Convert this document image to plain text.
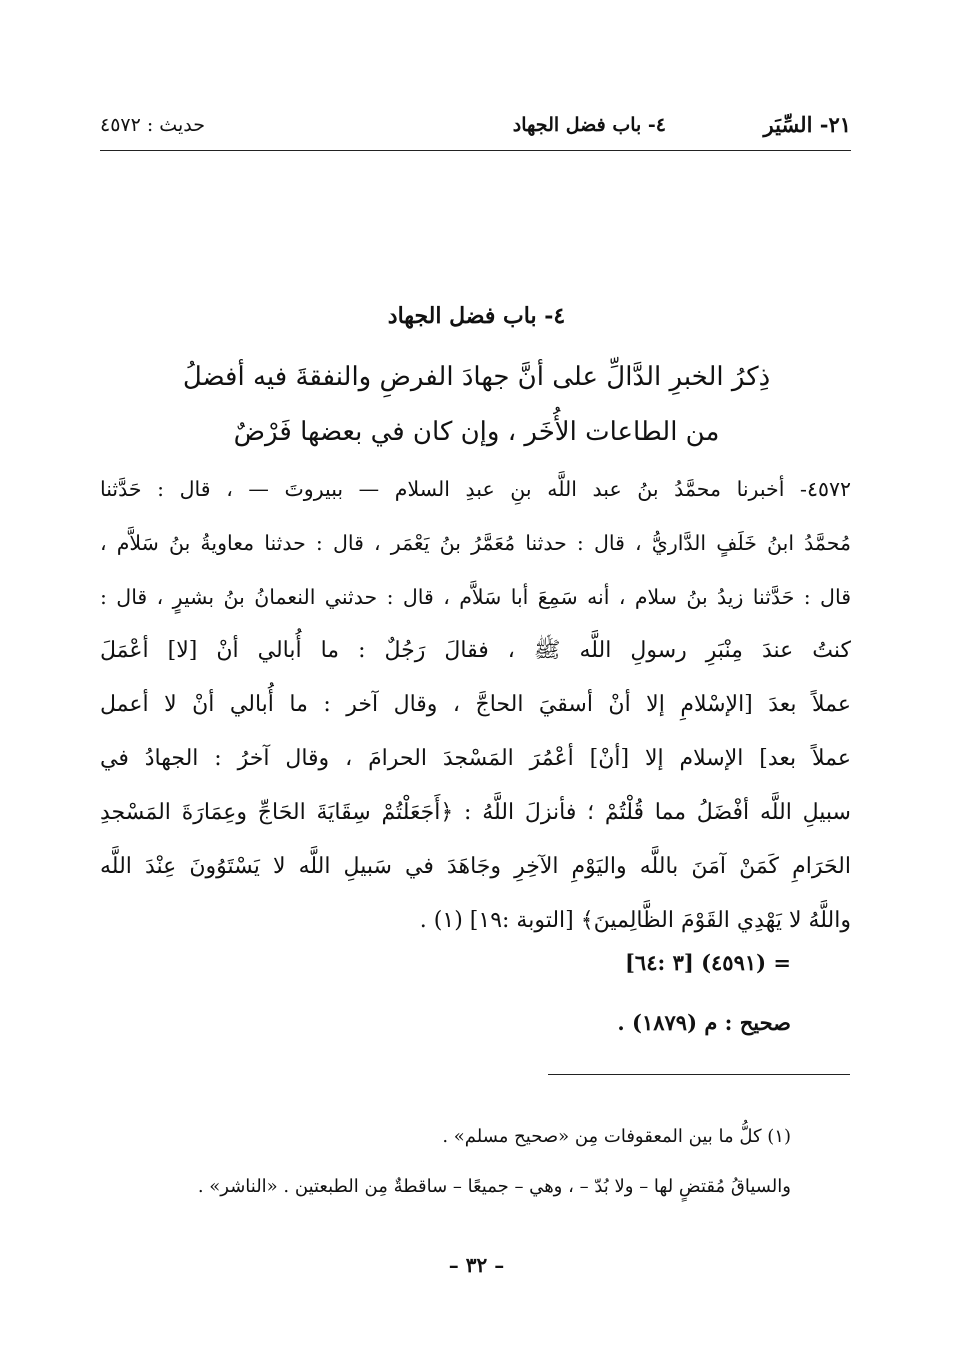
٢١- السِّيَر
٤- باب فضل الجهاد
حديث : ٤٥٧٢
٤- باب فضل الجهاد

ذِكرُ الخبرِ الدَّالِّ على أنَّ جهادَ الفرضِ والنفقةَ فيه أفضلُ

من الطاعات الأُخَر ، وإن كان في بعضها فَرْضٌ

٤٥٧٢- أخبرنا محمَّدُ بنُ عبد اللَّه بنِ عبدِ السلام — ببيروتَ — ، قال : حَدَّثنا
مُحمَّدُ ابنُ خَلَفٍ الدَّاريُّ ، قال : حدثنا مُعَمَّرُ بنُ يَعْمَر ، قال : حدثنا معاويةُ بنُ سَلاَّم ،
قال : حَدَّثنا زيدُ بنُ سلام ، أنه سَمِعَ أبا سَلاَّم ، قال : حدثني النعمانُ بنُ بشيرٍ ، قال :
كنتُ عندَ مِنْبَرِ رسولِ اللَّه ﷺ ، فقالَ رَجُلٌ : ما أُبالي أنْ [لا] أعْمَلَ
عملاً بعدَ [الإسْلامِ إلا أنْ أسقيَ الحاجَّ ، وقال آخر : ما أُبالي أنْ لا أعمل
عملاً بعد] الإسلام إلا [أنْ] أعْمُرَ المَسْجدَ الحرامَ ، وقال آخرُ : الجهادُ في
سبيلِ اللَّه أفْضَلُ مما قُلْتُمْ ؛ فأنزلَ اللَّهُ : ﴿أَجَعَلْتُمْ سِقَايَةَ الحَاجِّ وعِمَارَةَ المَسْجدِ
الحَرَامِ كَمَنْ آمَنَ باللَّه واليَوْمِ الآخِرِ وجَاهَدَ في سَبيلِ اللَّه لا يَسْتَوُونَ عِنْدَ اللَّه
واللَّهُ لا يَهْدِي القَوْمَ الظَّالِمينَ﴾ [التوبة :١٩] (١) .
= (٤٥٩١) [٣ :٦٤]
صحيح : م (١٨٧٩) .

(١) كلُّ ما بين المعقوفات مِن «صحيح مسلم» .

والسياقُ مُقتضٍ لها – ولا بُدّ – ، وهي – جميعًا – ساقطةٌ مِن الطبعتين . «الناشر» .

– ٣٢ –
